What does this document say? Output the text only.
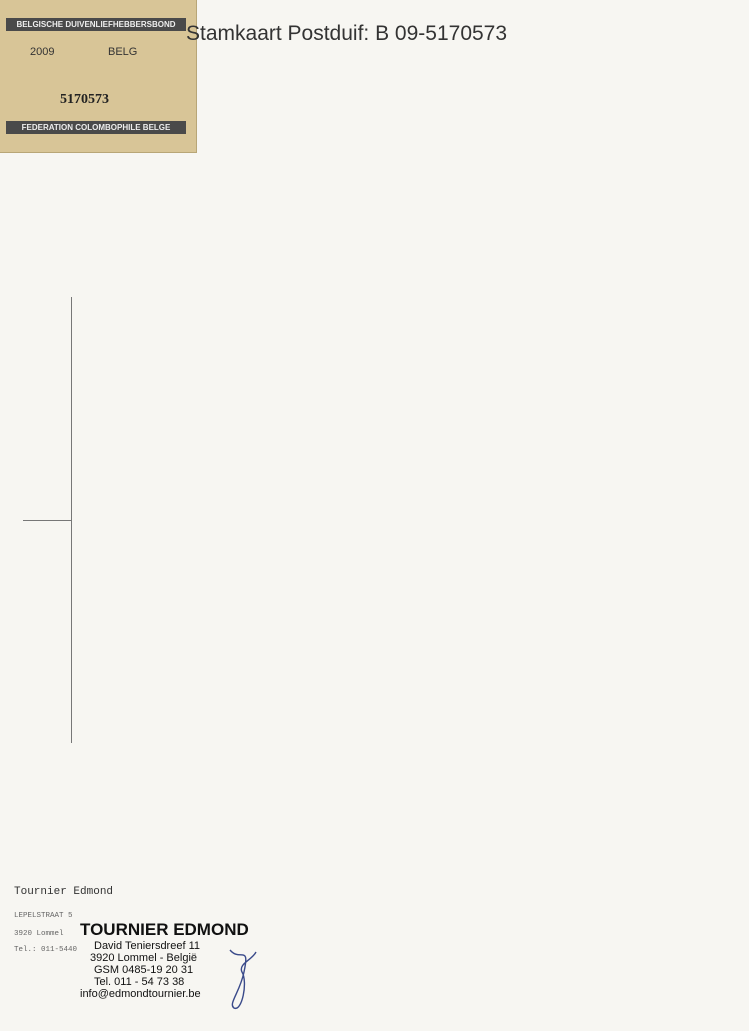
BELGISCHE DUIVENLIEFHEBBERSBOND
2009	BELG
5170573
FEDERATION COLOMBOPHILE BELGE
Stamkaart Postduif: B 09-5170573
Tournier Edmond
LEPELSTRAAT 5
3920 Lommel
Tel.: 011-5440
TOURNIER EDMOND
David Teniersdreef 11
3920 Lommel - België
GSM 0485-19 20 31
Tel. 011 - 54 73 38
info@edmondtournier.be
